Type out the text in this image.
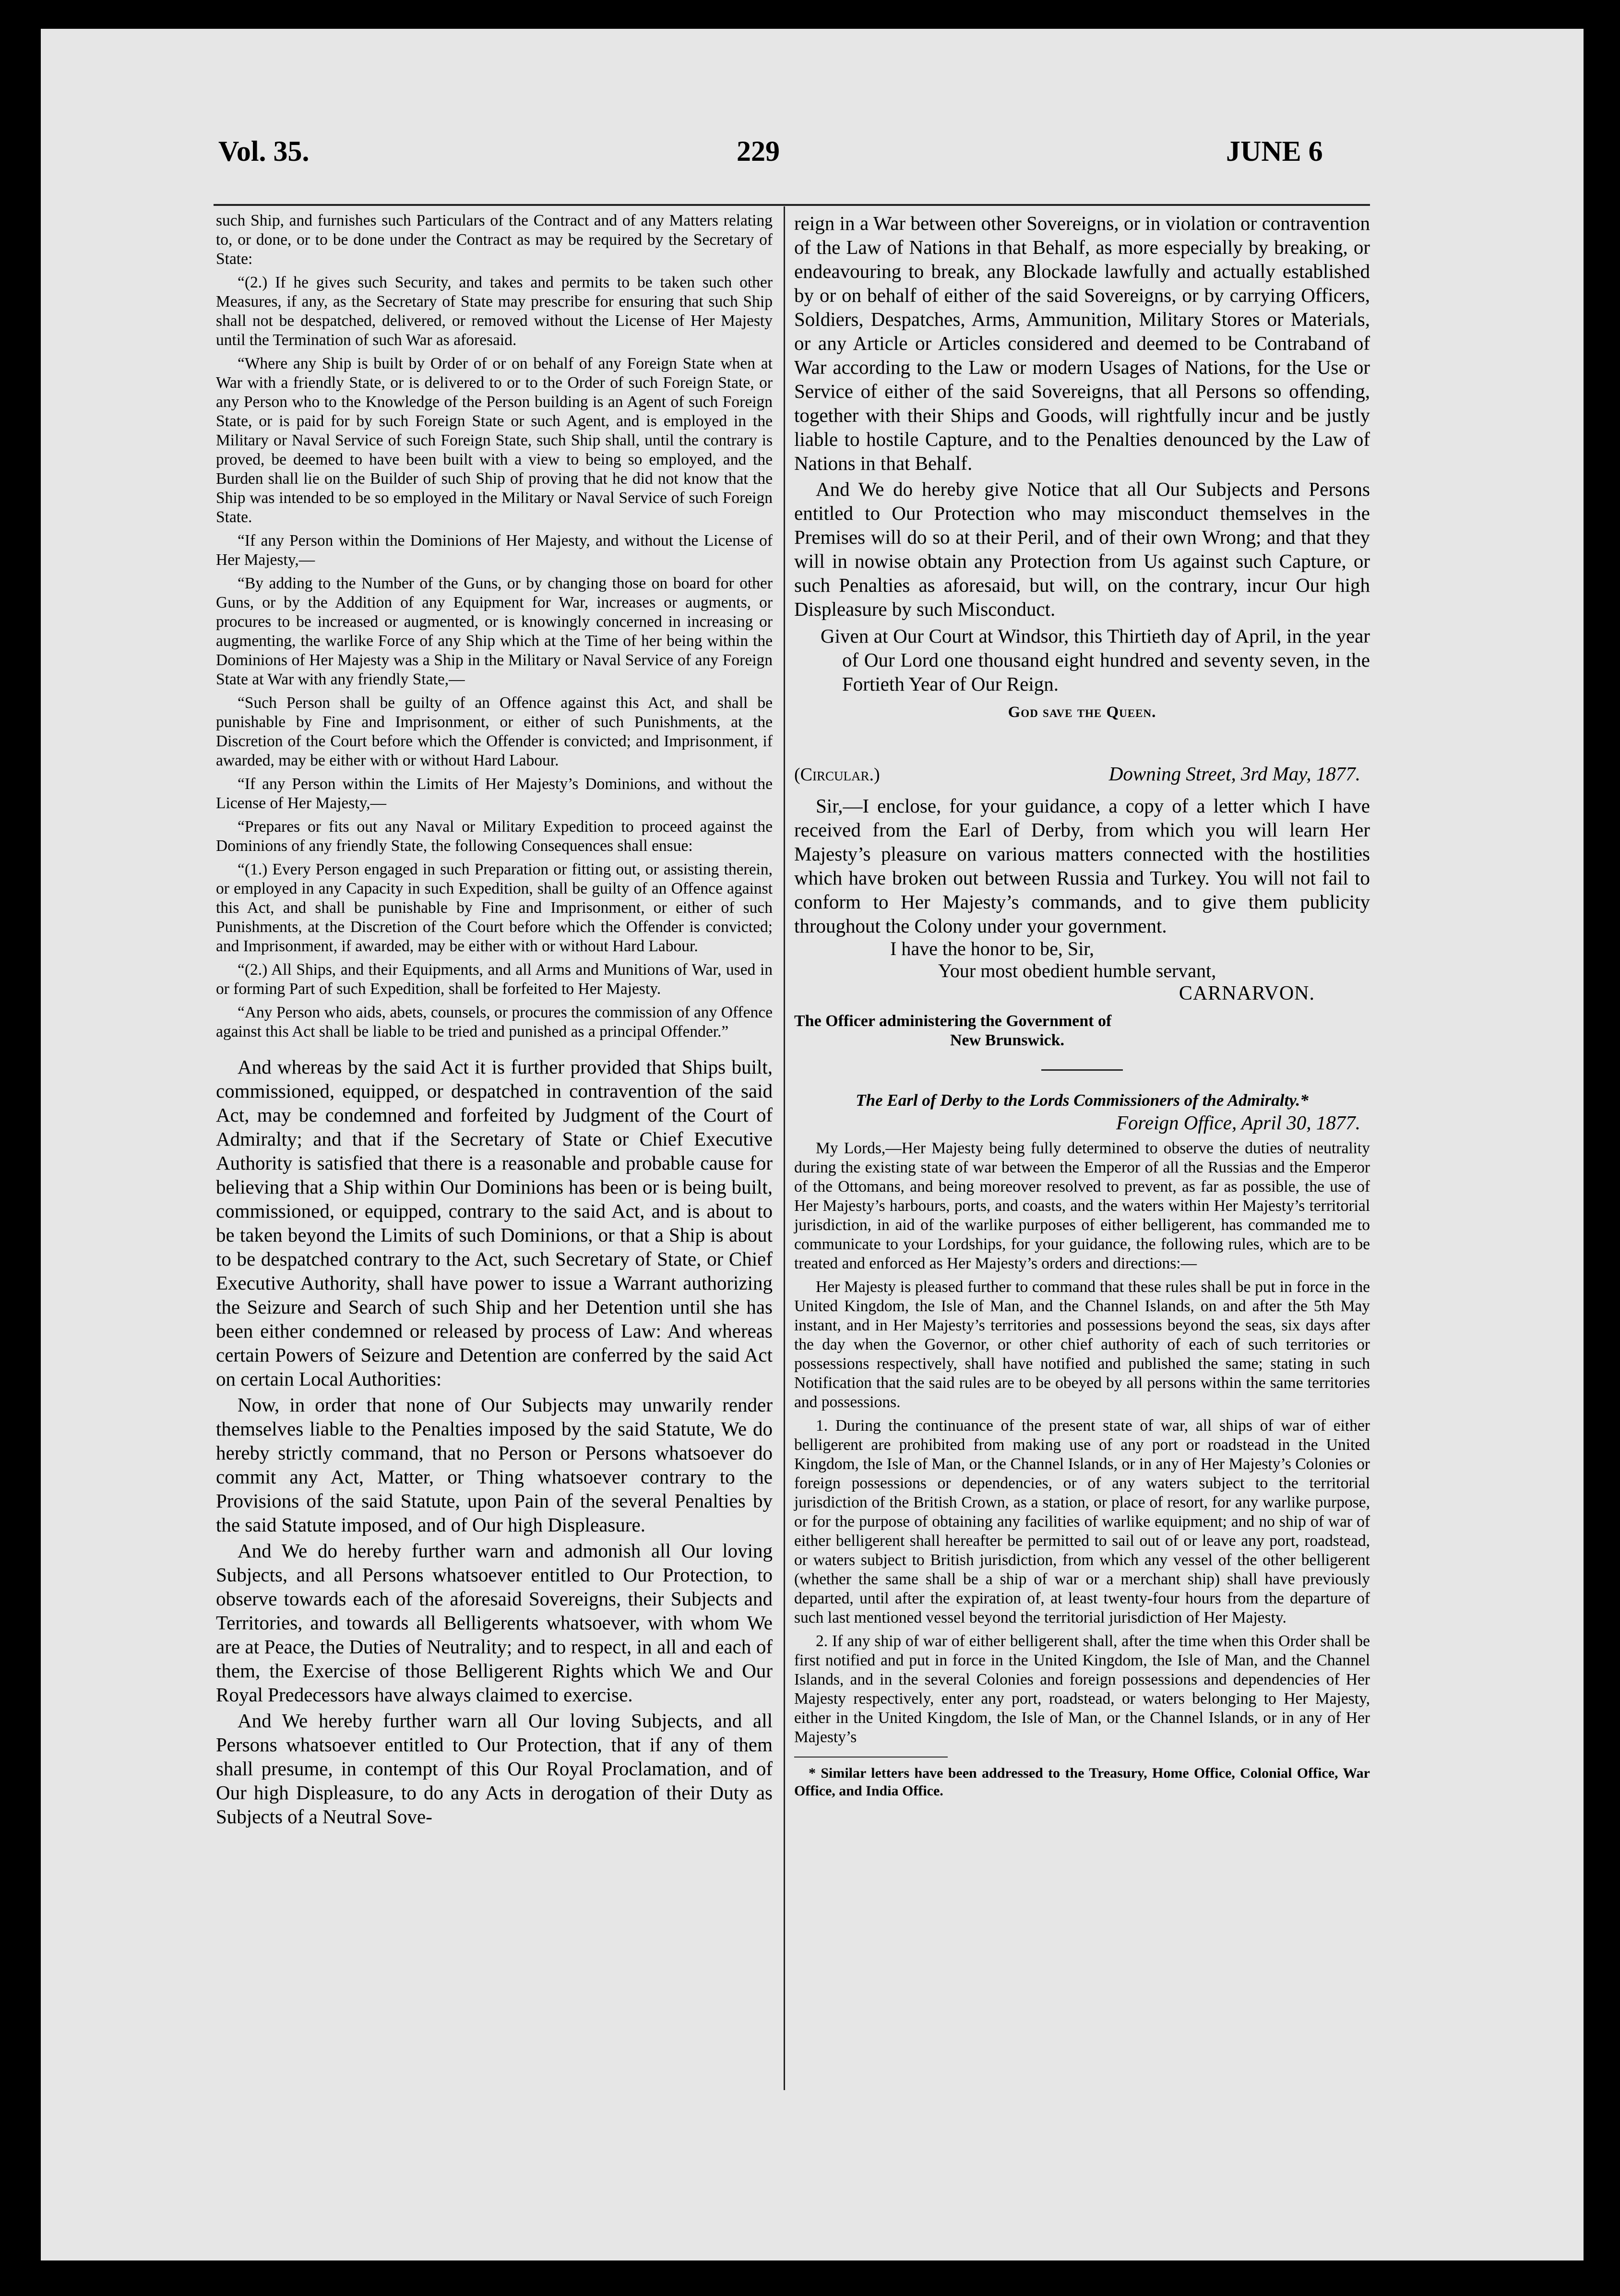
Vol. 35.	229	JUNE 6

such Ship, and furnishes such Particulars of the Contract and of any Matters relating to, or done, or to be done under the Contract as may be required by the Secretary of State:

“(2.) If he gives such Security, and takes and permits to be taken such other Measures, if any, as the Secretary of State may prescribe for ensuring that such Ship shall not be despatched, delivered, or removed without the License of Her Majesty until the Termination of such War as aforesaid.

“Where any Ship is built by Order of or on behalf of any Foreign State when at War with a friendly State, or is delivered to or to the Order of such Foreign State, or any Person who to the Knowledge of the Person building is an Agent of such Foreign State, or is paid for by such Foreign State or such Agent, and is employed in the Military or Naval Service of such Foreign State, such Ship shall, until the contrary is proved, be deemed to have been built with a view to being so employed, and the Burden shall lie on the Builder of such Ship of proving that he did not know that the Ship was intended to be so employed in the Military or Naval Service of such Foreign State.

“If any Person within the Dominions of Her Majesty, and without the License of Her Majesty,—

“By adding to the Number of the Guns, or by changing those on board for other Guns, or by the Addition of any Equipment for War, increases or augments, or procures to be increased or augmented, or is knowingly concerned in increasing or augmenting, the warlike Force of any Ship which at the Time of her being within the Dominions of Her Majesty was a Ship in the Military or Naval Service of any Foreign State at War with any friendly State,—

“Such Person shall be guilty of an Offence against this Act, and shall be punishable by Fine and Imprisonment, or either of such Punishments, at the Discretion of the Court before which the Offender is convicted; and Imprisonment, if awarded, may be either with or without Hard Labour.

“If any Person within the Limits of Her Majesty’s Dominions, and without the License of Her Majesty,—

“Prepares or fits out any Naval or Military Expedition to proceed against the Dominions of any friendly State, the following Consequences shall ensue:

“(1.) Every Person engaged in such Preparation or fitting out, or assisting therein, or employed in any Capacity in such Expedition, shall be guilty of an Offence against this Act, and shall be punishable by Fine and Imprisonment, or either of such Punishments, at the Discretion of the Court before which the Offender is convicted; and Imprisonment, if awarded, may be either with or without Hard Labour.

“(2.) All Ships, and their Equipments, and all Arms and Munitions of War, used in or forming Part of such Expedition, shall be forfeited to Her Majesty.

“Any Person who aids, abets, counsels, or procures the commission of any Offence against this Act shall be liable to be tried and punished as a principal Offender.”

And whereas by the said Act it is further provided that Ships built, commissioned, equipped, or despatched in contravention of the said Act, may be condemned and forfeited by Judgment of the Court of Admiralty; and that if the Secretary of State or Chief Executive Authority is satisfied that there is a reasonable and probable cause for believing that a Ship within Our Dominions has been or is being built, commissioned, or equipped, contrary to the said Act, and is about to be taken beyond the Limits of such Dominions, or that a Ship is about to be despatched contrary to the Act, such Secretary of State, or Chief Executive Authority, shall have power to issue a Warrant authorizing the Seizure and Search of such Ship and her Detention until she has been either condemned or released by process of Law: And whereas certain Powers of Seizure and Detention are conferred by the said Act on certain Local Authorities:

Now, in order that none of Our Subjects may unwarily render themselves liable to the Penalties imposed by the said Statute, We do hereby strictly command, that no Person or Persons whatsoever do commit any Act, Matter, or Thing whatsoever contrary to the Provisions of the said Statute, upon Pain of the several Penalties by the said Statute imposed, and of Our high Displeasure.

And We do hereby further warn and admonish all Our loving Subjects, and all Persons whatsoever entitled to Our Protection, to observe towards each of the aforesaid Sovereigns, their Subjects and Territories, and towards all Belligerents whatsoever, with whom We are at Peace, the Duties of Neutrality; and to respect, in all and each of them, the Exercise of those Belligerent Rights which We and Our Royal Predecessors have always claimed to exercise.

And We hereby further warn all Our loving Subjects, and all Persons whatsoever entitled to Our Protection, that if any of them shall presume, in contempt of this Our Royal Proclamation, and of Our high Displeasure, to do any Acts in derogation of their Duty as Subjects of a Neutral Sove-

reign in a War between other Sovereigns, or in violation or contravention of the Law of Nations in that Behalf, as more especially by breaking, or endeavouring to break, any Blockade lawfully and actually established by or on behalf of either of the said Sovereigns, or by carrying Officers, Soldiers, Despatches, Arms, Ammunition, Military Stores or Materials, or any Article or Articles considered and deemed to be Contraband of War according to the Law or modern Usages of Nations, for the Use or Service of either of the said Sovereigns, that all Persons so offending, together with their Ships and Goods, will rightfully incur and be justly liable to hostile Capture, and to the Penalties denounced by the Law of Nations in that Behalf.

And We do hereby give Notice that all Our Subjects and Persons entitled to Our Protection who may misconduct themselves in the Premises will do so at their Peril, and of their own Wrong; and that they will in nowise obtain any Protection from Us against such Capture, or such Penalties as aforesaid, but will, on the contrary, incur Our high Displeasure by such Misconduct.

Given at Our Court at Windsor, this Thirtieth day of April, in the year of Our Lord one thousand eight hundred and seventy seven, in the Fortieth Year of Our Reign.

God save the Queen.

(Circular.)	Downing Street, 3rd May, 1877.

Sir,—I enclose, for your guidance, a copy of a letter which I have received from the Earl of Derby, from which you will learn Her Majesty’s pleasure on various matters connected with the hostilities which have broken out between Russia and Turkey. You will not fail to conform to Her Majesty’s commands, and to give them publicity throughout the Colony under your government.

I have the honor to be, Sir,

Your most obedient humble servant,

CARNARVON.

The Officer administering the Government of
New Brunswick.

The Earl of Derby to the Lords Commissioners of the Admiralty.*

Foreign Office, April 30, 1877.

My Lords,—Her Majesty being fully determined to observe the duties of neutrality during the existing state of war between the Emperor of all the Russias and the Emperor of the Ottomans, and being moreover resolved to prevent, as far as possible, the use of Her Majesty’s harbours, ports, and coasts, and the waters within Her Majesty’s territorial jurisdiction, in aid of the warlike purposes of either belligerent, has commanded me to communicate to your Lordships, for your guidance, the following rules, which are to be treated and enforced as Her Majesty’s orders and directions:—

Her Majesty is pleased further to command that these rules shall be put in force in the United Kingdom, the Isle of Man, and the Channel Islands, on and after the 5th May instant, and in Her Majesty’s territories and possessions beyond the seas, six days after the day when the Governor, or other chief authority of each of such territories or possessions respectively, shall have notified and published the same; stating in such Notification that the said rules are to be obeyed by all persons within the same territories and possessions.

1. During the continuance of the present state of war, all ships of war of either belligerent are prohibited from making use of any port or roadstead in the United Kingdom, the Isle of Man, or the Channel Islands, or in any of Her Majesty’s Colonies or foreign possessions or dependencies, or of any waters subject to the territorial jurisdiction of the British Crown, as a station, or place of resort, for any warlike purpose, or for the purpose of obtaining any facilities of warlike equipment; and no ship of war of either belligerent shall hereafter be permitted to sail out of or leave any port, roadstead, or waters subject to British jurisdiction, from which any vessel of the other belligerent (whether the same shall be a ship of war or a merchant ship) shall have previously departed, until after the expiration of, at least twenty-four hours from the departure of such last mentioned vessel beyond the territorial jurisdiction of Her Majesty.

2. If any ship of war of either belligerent shall, after the time when this Order shall be first notified and put in force in the United Kingdom, the Isle of Man, and the Channel Islands, and in the several Colonies and foreign possessions and dependencies of Her Majesty respectively, enter any port, roadstead, or waters belonging to Her Majesty, either in the United Kingdom, the Isle of Man, or the Channel Islands, or in any of Her Majesty’s

* Similar letters have been addressed to the Treasury, Home Office, Colonial Office, War Office, and India Office.
